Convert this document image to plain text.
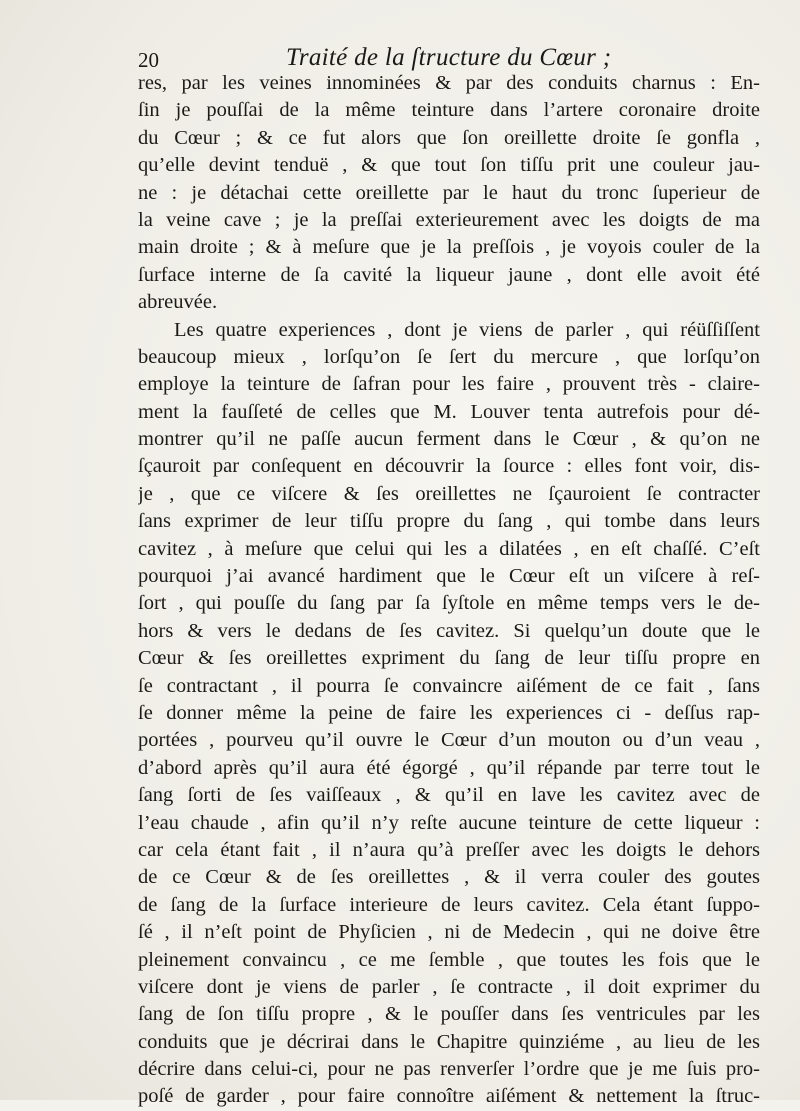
20	Traité de la ſtructure du Cœur ;
res, par les veines innominées & par des conduits charnus : En-
ſin je pouſſai de la même teinture dans l’artere coronaire droite
du Cœur ; & ce fut alors que ſon oreillette droite ſe gonfla ,
qu’elle devint tenduë , & que tout ſon tiſſu prit une couleur jau-
ne : je détachai cette oreillette par le haut du tronc ſuperieur de
la veine cave ; je la preſſai exterieurement avec les doigts de ma
main droite ; & à meſure que je la preſſois , je voyois couler de la
ſurface interne de ſa cavité la liqueur jaune , dont elle avoit été
abreuvée.
Les quatre experiences , dont je viens de parler , qui réüſſiſſent
beaucoup mieux , lorſqu’on ſe ſert du mercure , que lorſqu’on
employe la teinture de ſafran pour les faire , prouvent très - claire-
ment la fauſſeté de celles que M. Louver tenta autrefois pour dé-
montrer qu’il ne paſſe aucun ferment dans le Cœur , & qu’on ne
ſçauroit par conſequent en découvrir la ſource : elles font voir, dis-
je , que ce viſcere & ſes oreillettes ne ſçauroient ſe contracter
ſans exprimer de leur tiſſu propre du ſang , qui tombe dans leurs
cavitez , à meſure que celui qui les a dilatées , en eſt chaſſé. C’eſt
pourquoi j’ai avancé hardiment que le Cœur eſt un viſcere à reſ-
ſort , qui pouſſe du ſang par ſa ſyſtole en même temps vers le de-
hors & vers le dedans de ſes cavitez. Si quelqu’un doute que le
Cœur & ſes oreillettes expriment du ſang de leur tiſſu propre en
ſe contractant , il pourra ſe convaincre aiſément de ce fait , ſans
ſe donner même la peine de faire les experiences ci - deſſus rap-
portées , pourveu qu’il ouvre le Cœur d’un mouton ou d’un veau ,
d’abord après qu’il aura été égorgé , qu’il répande par terre tout le
ſang ſorti de ſes vaiſſeaux , & qu’il en lave les cavitez avec de
l’eau chaude , afin qu’il n’y reſte aucune teinture de cette liqueur :
car cela étant fait , il n’aura qu’à preſſer avec les doigts le dehors
de ce Cœur & de ſes oreillettes , & il verra couler des goutes
de ſang de la ſurface interieure de leurs cavitez. Cela étant ſuppo-
ſé , il n’eſt point de Phyſicien , ni de Medecin , qui ne doive être
pleinement convaincu , ce me ſemble , que toutes les fois que le
viſcere dont je viens de parler , ſe contracte , il doit exprimer du
ſang de ſon tiſſu propre , & le pouſſer dans ſes ventricules par les
conduits que je décrirai dans le Chapitre quinziéme , au lieu de les
décrire dans celui-ci, pour ne pas renverſer l’ordre que je me ſuis pro-
poſé de garder , pour faire connoître aiſément & nettement la ſtruc-
